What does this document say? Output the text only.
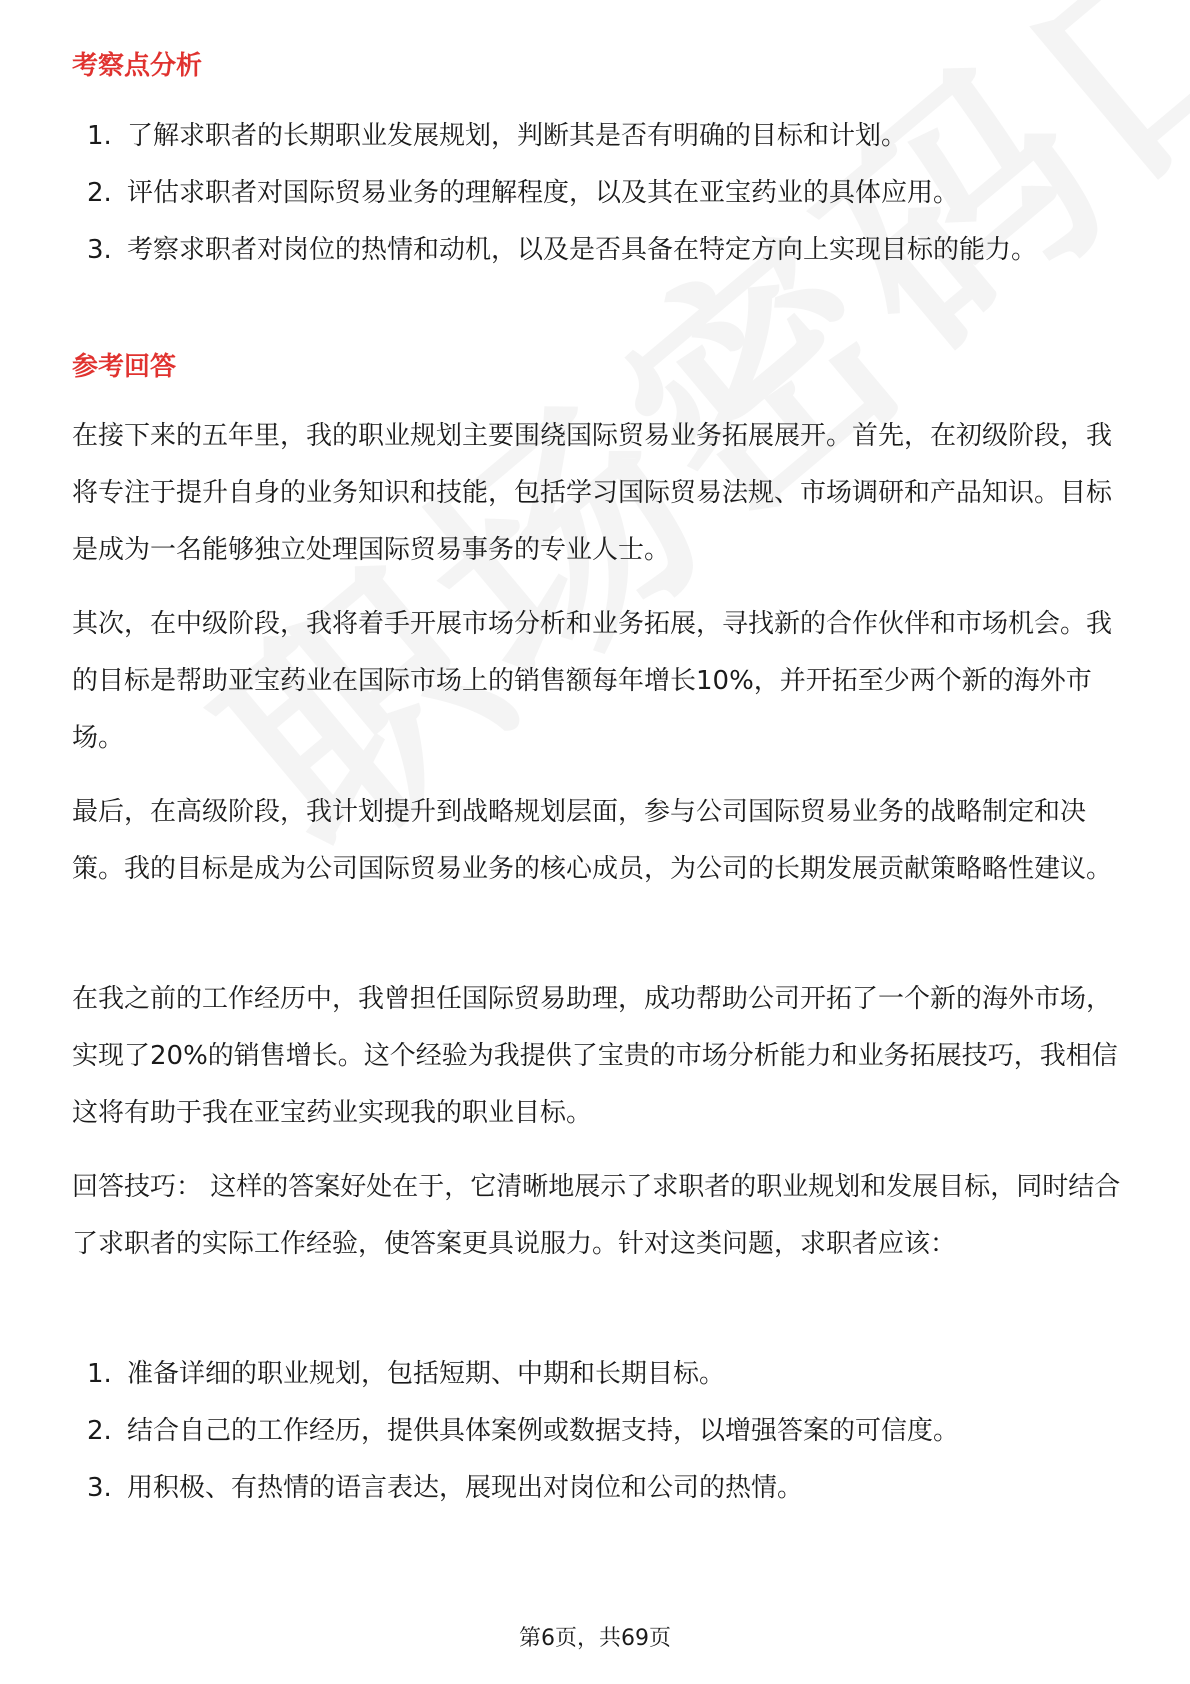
考察点分析
1. 了解求职者的长期职业发展规划，判断其是否有明确的目标和计划。
2. 评估求职者对国际贸易业务的理解程度，以及其在亚宝药业的具体应用。
3. 考察求职者对岗位的热情和动机，以及是否具备在特定方向上实现目标的能力。
参考回答

在接下来的五年里，我的职业规划主要围绕国际贸易业务拓展展开。首先，在初级阶段，我将专注于提升自身的业务知识和技能，包括学习国际贸易法规、市场调研和产品知识。目标是成为一名能够独立处理国际贸易事务的专业人士。

其次，在中级阶段，我将着手开展市场分析和业务拓展，寻找新的合作伙伴和市场机会。我的目标是帮助亚宝药业在国际市场上的销售额每年增长10%，并开拓至少两个新的海外市场。

最后，在高级阶段，我计划提升到战略规划层面，参与公司国际贸易业务的战略制定和决策。我的目标是成为公司国际贸易业务的核心成员，为公司的长期发展贡献策略略性建议。

在我之前的工作经历中，我曾担任国际贸易助理，成功帮助公司开拓了一个新的海外市场，实现了20%的销售增长。这个经验为我提供了宝贵的市场分析能力和业务拓展技巧，我相信这将有助于我在亚宝药业实现我的职业目标。

回答技巧： 这样的答案好处在于，它清晰地展示了求职者的职业规划和发展目标，同时结合了求职者的实际工作经验，使答案更具说服力。针对这类问题，求职者应该：

1. 准备详细的职业规划，包括短期、中期和长期目标。
2. 结合自己的工作经历，提供具体案例或数据支持，以增强答案的可信度。
3. 用积极、有热情的语言表达，展现出对岗位和公司的热情。
第6页，共69页
